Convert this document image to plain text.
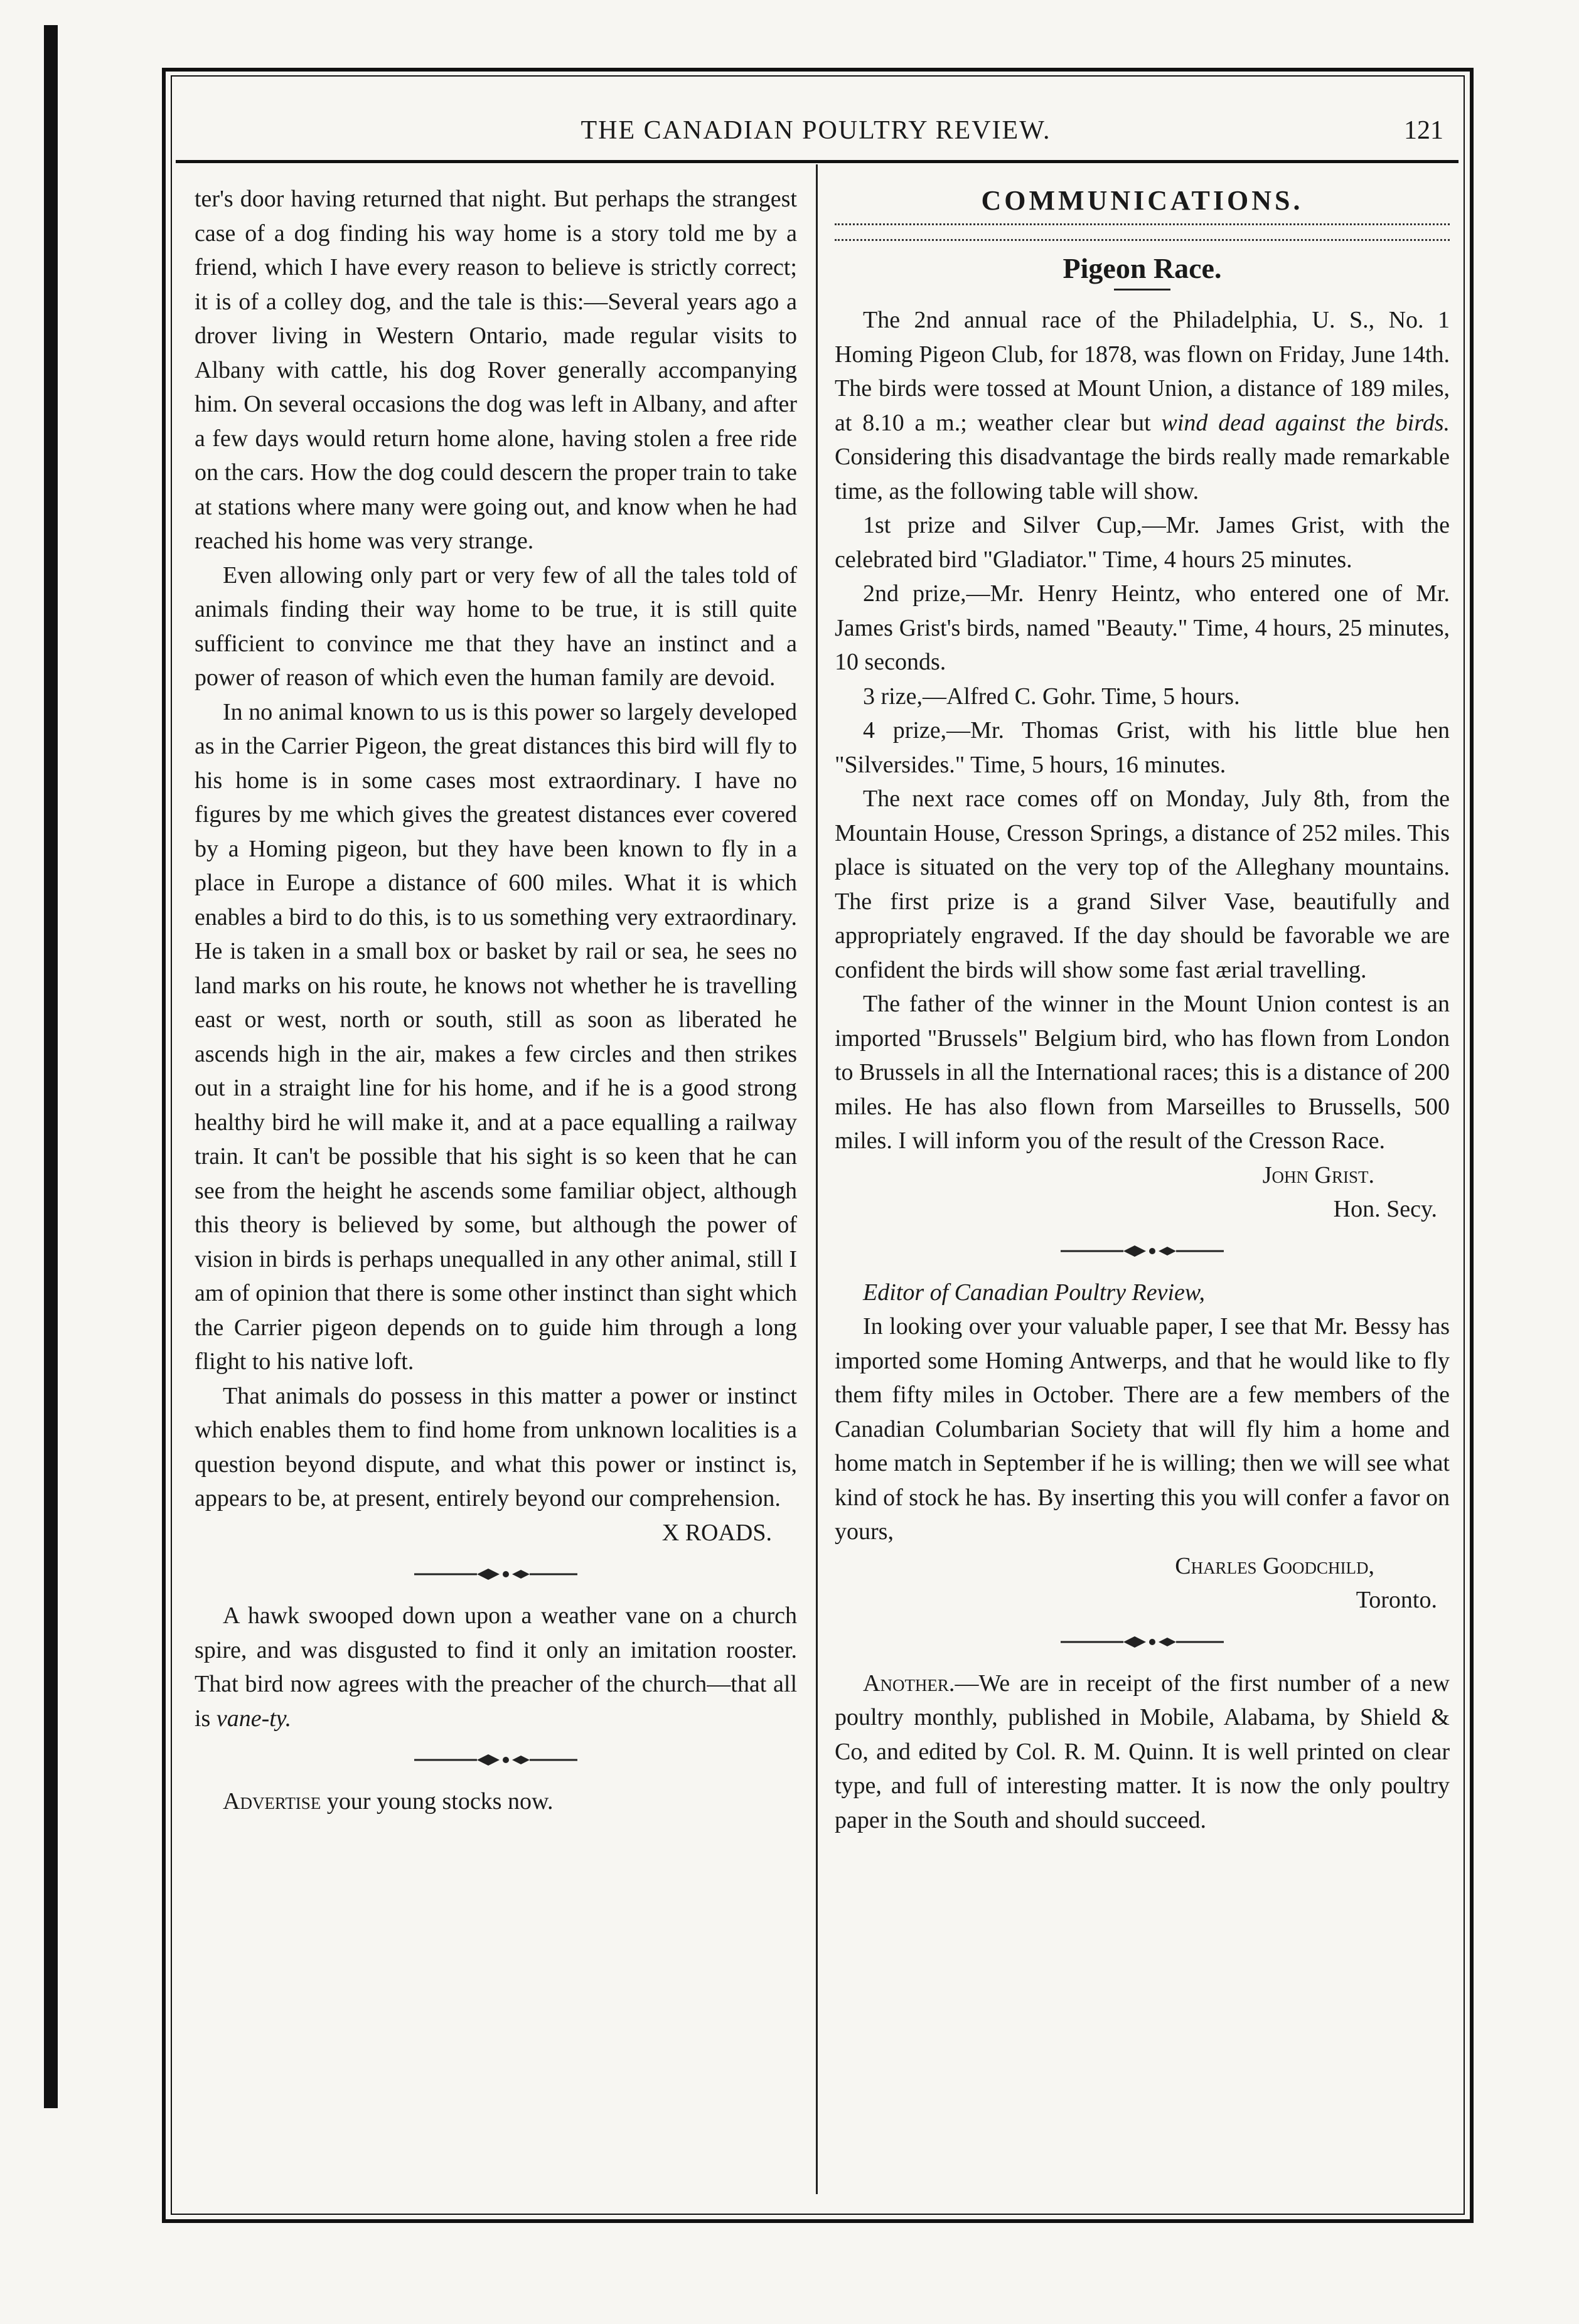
THE CANADIAN POULTRY REVIEW.	121

ter's door having returned that night. But perhaps the strangest case of a dog finding his way home is a story told me by a friend, which I have every reason to believe is strictly correct; it is of a colley dog, and the tale is this:—Several years ago a drover living in Western Ontario, made regular visits to Albany with cattle, his dog Rover generally accompanying him. On several occasions the dog was left in Albany, and after a few days would return home alone, having stolen a free ride on the cars. How the dog could descern the proper train to take at stations where many were going out, and know when he had reached his home was very strange.

Even allowing only part or very few of all the tales told of animals finding their way home to be true, it is still quite sufficient to convince me that they have an instinct and a power of reason of which even the human family are devoid.

In no animal known to us is this power so largely developed as in the Carrier Pigeon, the great distances this bird will fly to his home is in some cases most extraordinary. I have no figures by me which gives the greatest distances ever covered by a Homing pigeon, but they have been known to fly in a place in Europe a distance of 600 miles. What it is which enables a bird to do this, is to us something very extraordinary. He is taken in a small box or basket by rail or sea, he sees no land marks on his route, he knows not whether he is travelling east or west, north or south, still as soon as liberated he ascends high in the air, makes a few circles and then strikes out in a straight line for his home, and if he is a good strong healthy bird he will make it, and at a pace equalling a railway train. It can't be possible that his sight is so keen that he can see from the height he ascends some familiar object, although this theory is believed by some, but although the power of vision in birds is perhaps unequalled in any other animal, still I am of opinion that there is some other instinct than sight which the Carrier pigeon depends on to guide him through a long flight to his native loft.

That animals do possess in this matter a power or instinct which enables them to find home from unknown localities is a question beyond dispute, and what this power or instinct is, appears to be, at present, entirely beyond our comprehension.

X ROADS.

A hawk swooped down upon a weather vane on a church spire, and was disgusted to find it only an imitation rooster. That bird now agrees with the preacher of the church—that all is vane-ty.

Advertise your young stocks now.

COMMUNICATIONS.
Pigeon Race.

The 2nd annual race of the Philadelphia, U. S., No. 1 Homing Pigeon Club, for 1878, was flown on Friday, June 14th. The birds were tossed at Mount Union, a distance of 189 miles, at 8.10 a m.; weather clear but wind dead against the birds. Considering this disadvantage the birds really made remarkable time, as the following table will show.

1st prize and Silver Cup,—Mr. James Grist, with the celebrated bird "Gladiator." Time, 4 hours 25 minutes.

2nd prize,—Mr. Henry Heintz, who entered one of Mr. James Grist's birds, named "Beauty." Time, 4 hours, 25 minutes, 10 seconds.

3 rize,—Alfred C. Gohr. Time, 5 hours.

4 prize,—Mr. Thomas Grist, with his little blue hen "Silversides." Time, 5 hours, 16 minutes.

The next race comes off on Monday, July 8th, from the Mountain House, Cresson Springs, a distance of 252 miles. This place is situated on the very top of the Alleghany mountains. The first prize is a grand Silver Vase, beautifully and appropriately engraved. If the day should be favorable we are confident the birds will show some fast ærial travelling.

The father of the winner in the Mount Union contest is an imported "Brussels" Belgium bird, who has flown from London to Brussels in all the International races; this is a distance of 200 miles. He has also flown from Marseilles to Brussells, 500 miles. I will inform you of the result of the Cresson Race.

John Grist.

Hon. Secy.

Editor of Canadian Poultry Review,

In looking over your valuable paper, I see that Mr. Bessy has imported some Homing Antwerps, and that he would like to fly them fifty miles in October. There are a few members of the Canadian Columbarian Society that will fly him a home and home match in September if he is willing; then we will see what kind of stock he has. By inserting this you will confer a favor on yours,

Charles Goodchild,

Toronto.

Another.—We are in receipt of the first number of a new poultry monthly, published in Mobile, Alabama, by Shield & Co, and edited by Col. R. M. Quinn. It is well printed on clear type, and full of interesting matter. It is now the only poultry paper in the South and should succeed.
